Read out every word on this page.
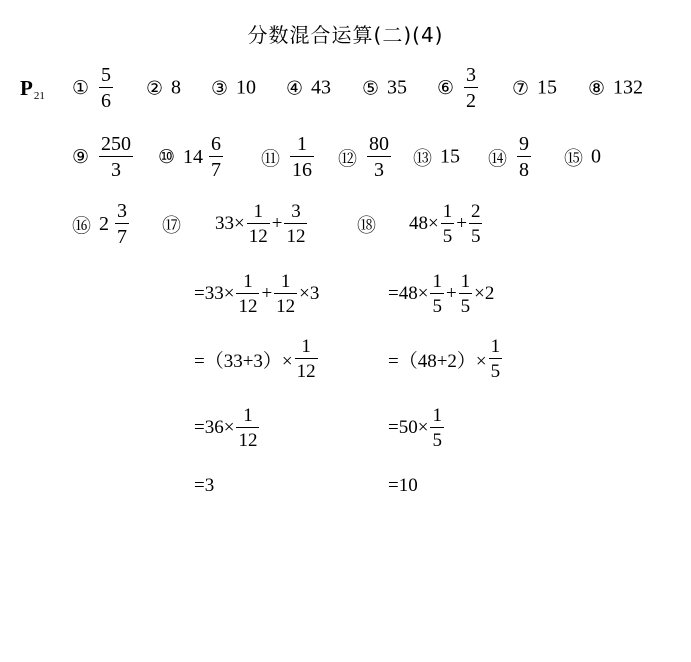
分数混合运算(二)(4)
$P_{21}$ ① $\frac{5}{6}$ ② 8 ③ 10 ④ 43 ⑤ 35 ⑥ $\frac{3}{2}$ ⑦ 15 ⑧ 132
⑨ $\frac{250}{3}$ ⑩ $14 \frac{6}{7}$ ⑪ $\frac{1}{16}$ ⑫ $\frac{80}{3}$ ⑬ 15 ⑭ $\frac{9}{8}$ ⑮ 0
⑯ $2 \frac{3}{7}$ ⑰ $33\times \frac{1}{12} + \frac{3}{12}$
$=33\times \frac{1}{12} + \frac{1}{12} \times 3$
$=(33+3)\times \frac{1}{12}$
$=36\times \frac{1}{12}$
=3
⑱ $48\times \frac{1}{5} + \frac{2}{5}$
$=48\times \frac{1}{5} + \frac{1}{5} \times 2$
$=(48+2)\times \frac{1}{5}$
$=50\times \frac{1}{5}$
=10
